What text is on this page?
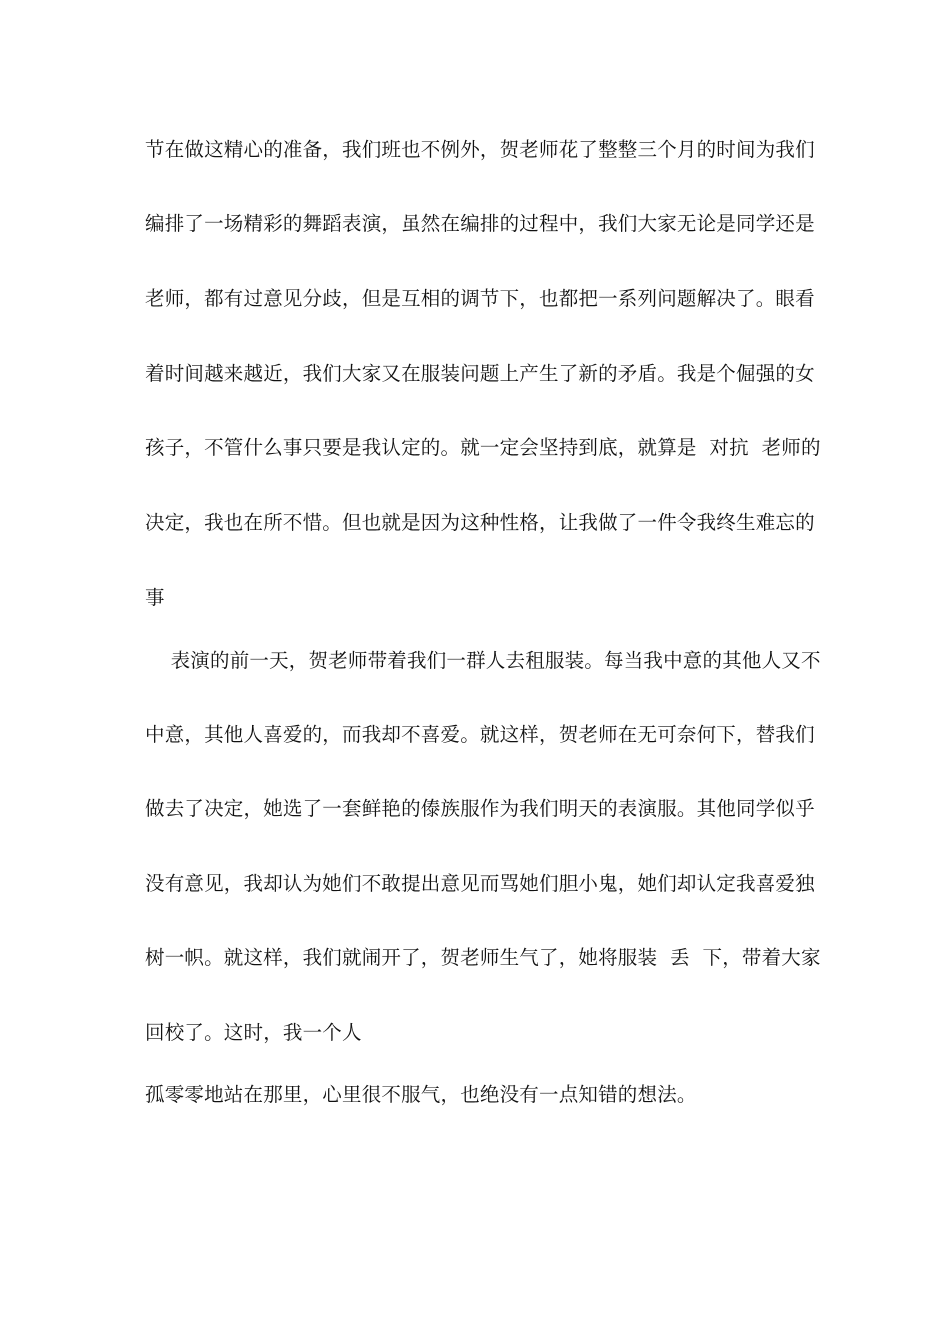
节在做这精心的准备，我们班也不例外，贺老师花了整整三个月的时间为我们
编排了一场精彩的舞蹈表演，虽然在编排的过程中，我们大家无论是同学还是
老师，都有过意见分歧，但是互相的调节下，也都把一系列问题解决了。眼看
着时间越来越近，我们大家又在服装问题上产生了新的矛盾。我是个倔强的女
孩子，不管什么事只要是我认定的。就一定会坚持到底，就算是  对抗  老师的
决定，我也在所不惜。但也就是因为这种性格，让我做了一件令我终生难忘的
事
表演的前一天，贺老师带着我们一群人去租服装。每当我中意的其他人又不
中意，其他人喜爱的，而我却不喜爱。就这样，贺老师在无可奈何下，替我们
做去了决定，她选了一套鲜艳的傣族服作为我们明天的表演服。其他同学似乎
没有意见，我却认为她们不敢提出意见而骂她们胆小鬼，她们却认定我喜爱独
树一帜。就这样，我们就闹开了，贺老师生气了，她将服装  丢  下，带着大家
回校了。这时，我一个人
孤零零地站在那里，心里很不服气，也绝没有一点知错的想法。
